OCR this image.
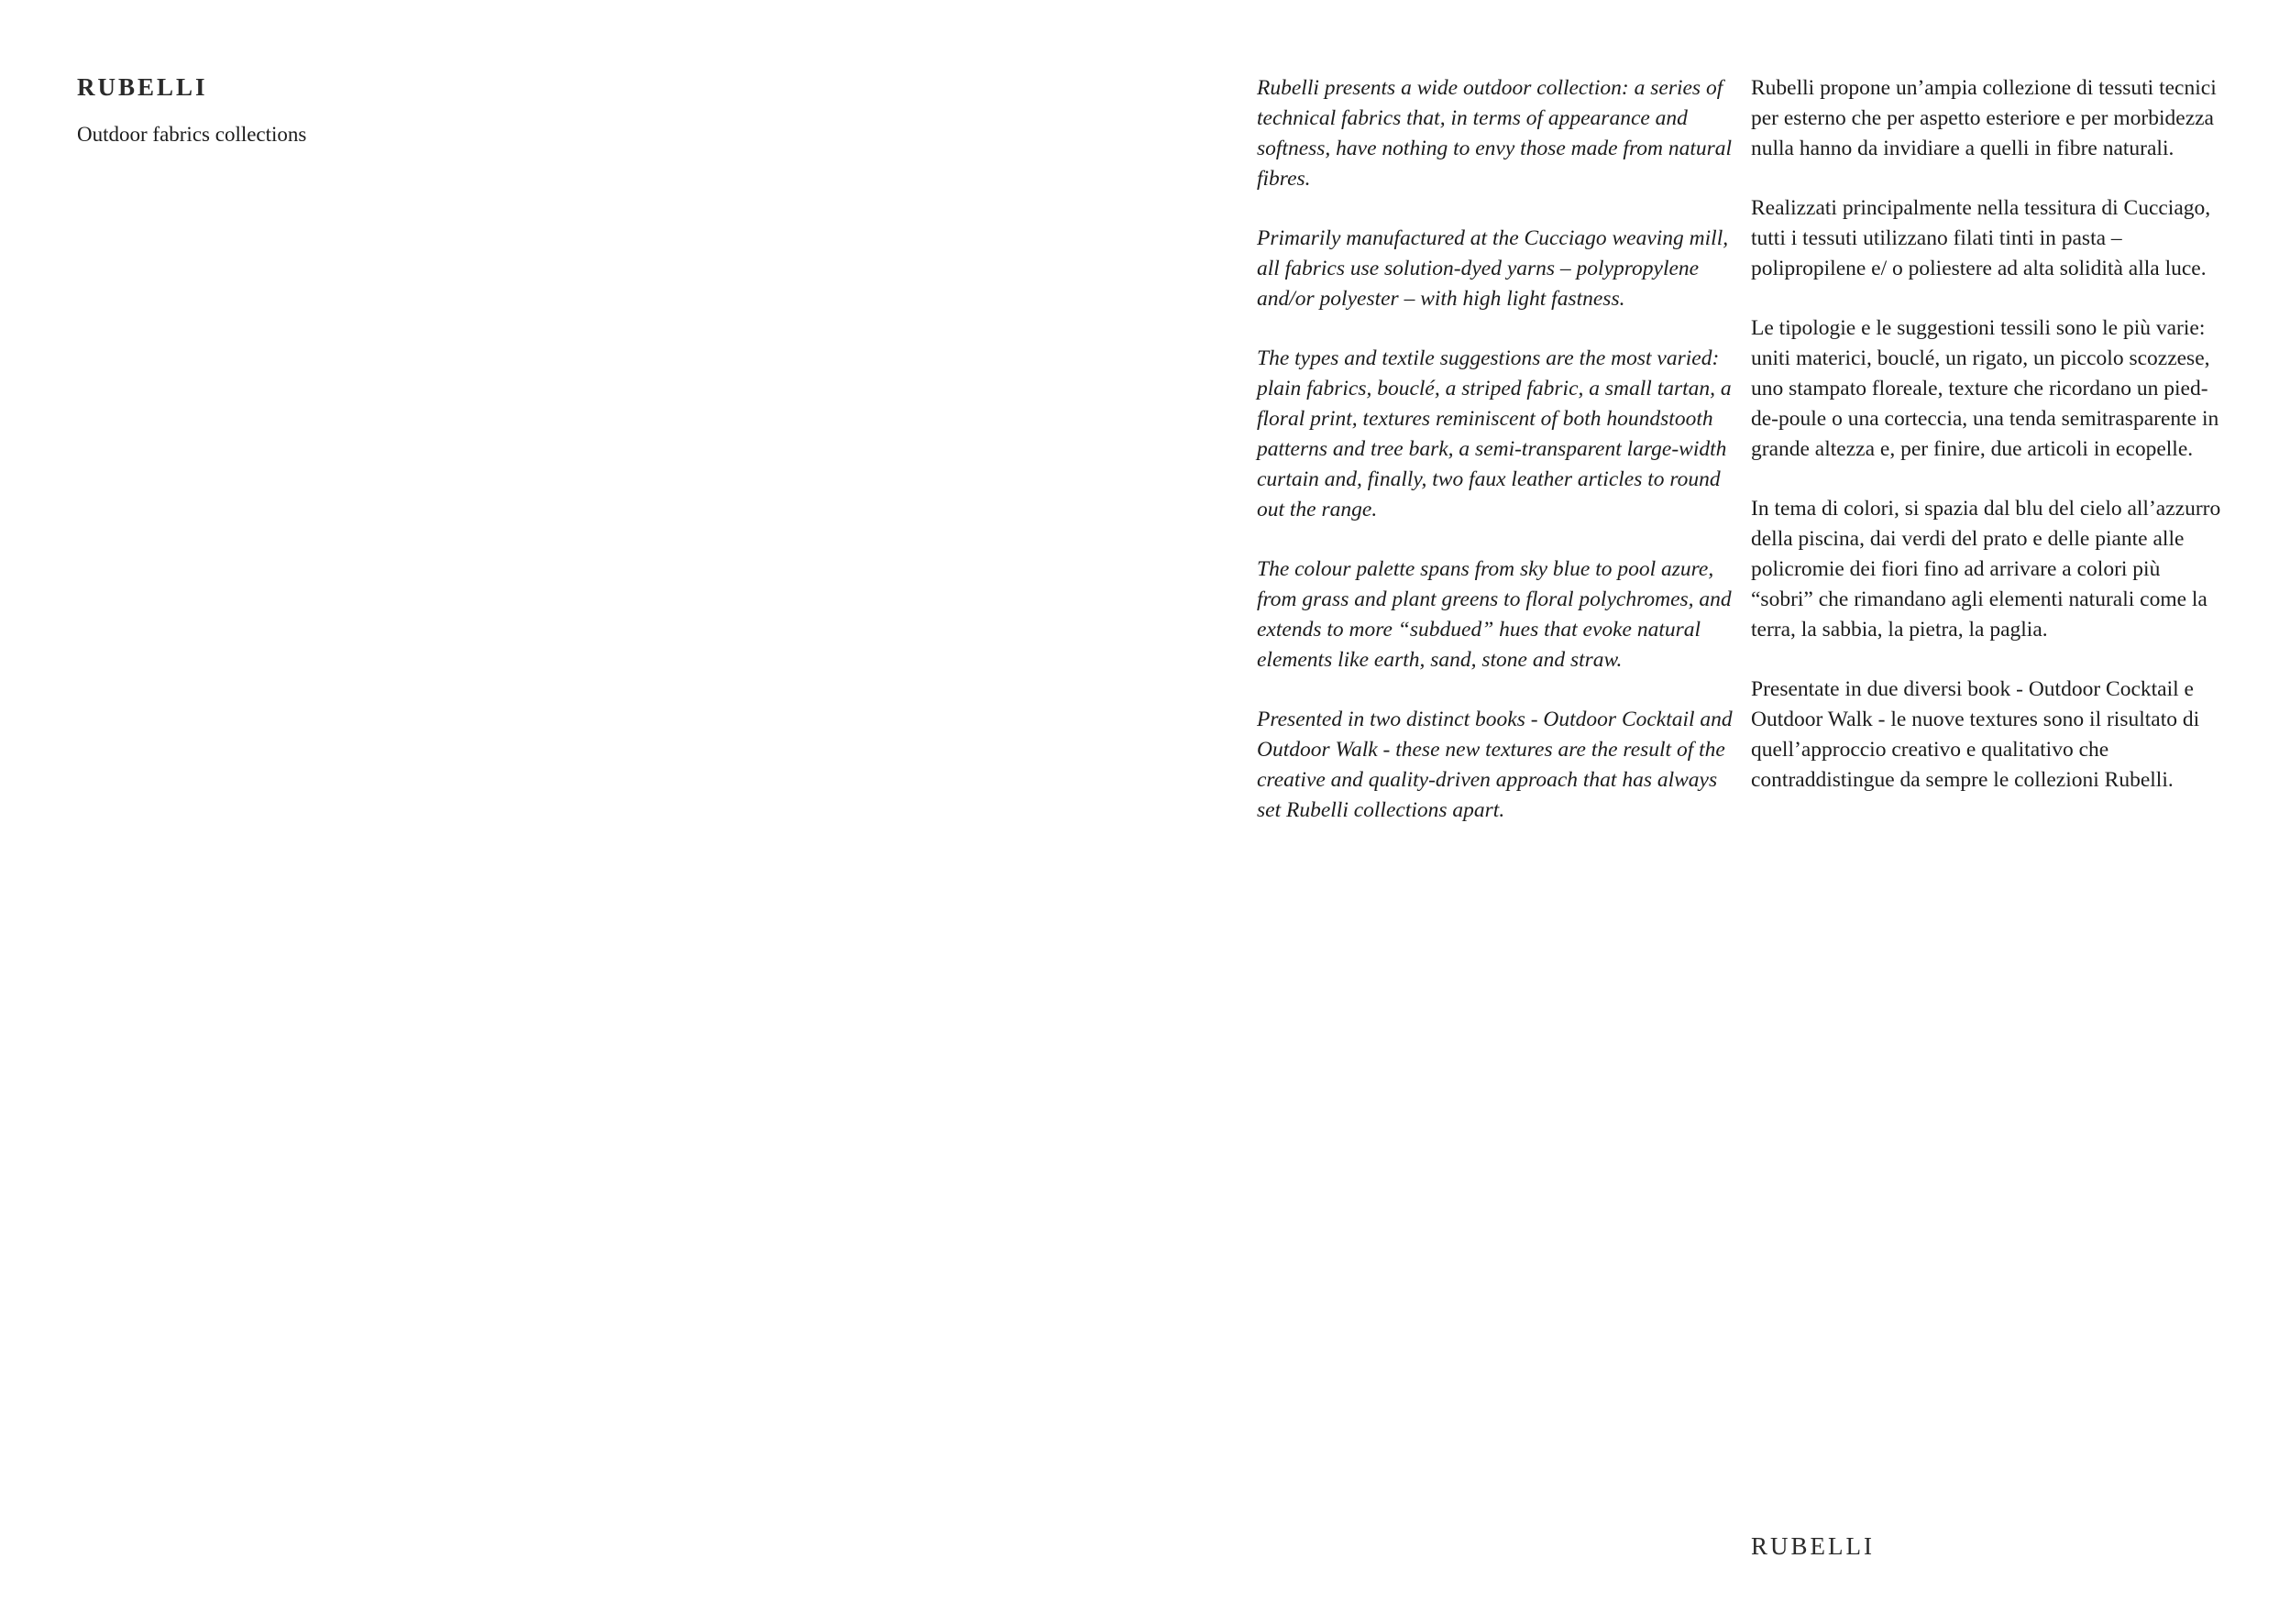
RUBELLI

Outdoor fabrics collections

Rubelli presents a wide outdoor collection: a series of technical fabrics that, in terms of appearance and softness, have nothing to envy those made from natural fibres.

Primarily manufactured at the Cucciago weaving mill, all fabrics use solution-dyed yarns – polypropylene and/or polyester – with high light fastness.

The types and textile suggestions are the most varied: plain fabrics, bouclé, a striped fabric, a small tartan, a floral print, textures reminiscent of both houndstooth patterns and tree bark, a semi-transparent large-width curtain and, finally, two faux leather articles to round out the range.

The colour palette spans from sky blue to pool azure, from grass and plant greens to floral polychromes, and extends to more “subdued” hues that evoke natural elements like earth, sand, stone and straw.

Presented in two distinct books - Outdoor Cocktail and Outdoor Walk - these new textures are the result of the creative and quality-driven approach that has always set Rubelli collections apart.

Rubelli propone un’ampia collezione di tessuti tecnici per esterno che per aspetto esteriore e per morbidezza nulla hanno da invidiare a quelli in fibre naturali.

Realizzati principalmente nella tessitura di Cucciago, tutti i tessuti utilizzano filati tinti in pasta – polipropilene e/ o poliestere ad alta solidità alla luce.

Le tipologie e le suggestioni tessili sono le più varie: uniti materici, bouclé, un rigato, un piccolo scozzese, uno stampato floreale, texture che ricordano un pied-de-poule o una corteccia, una tenda semitrasparente in grande altezza e, per finire, due articoli in ecopelle.

In tema di colori, si spazia dal blu del cielo all’azzurro della piscina, dai verdi del prato e delle piante alle policromie dei fiori fino ad arrivare a colori più “sobri” che rimandano agli elementi naturali come la terra, la sabbia, la pietra, la paglia.

Presentate in due diversi book - Outdoor Cocktail e Outdoor Walk - le nuove textures sono il risultato di quell’approccio creativo e qualitativo che contraddistingue da sempre le collezioni Rubelli.

RUBELLI
